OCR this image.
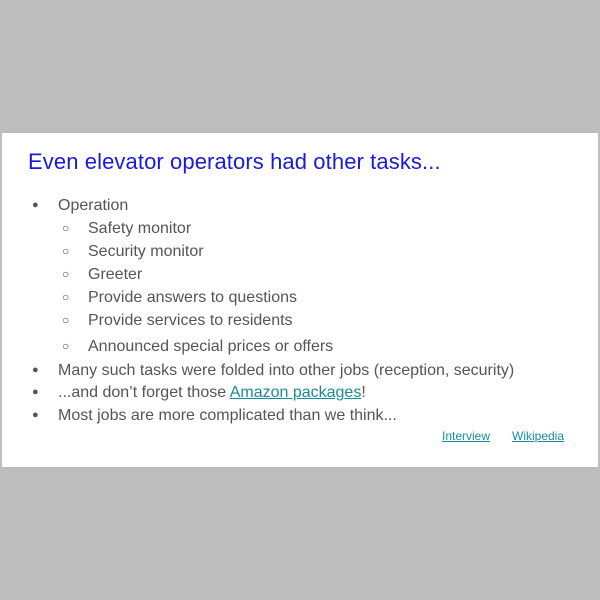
Even elevator operators had other tasks...
● Operation
○ Safety monitor
○ Security monitor
○ Greeter
○ Provide answers to questions
○ Provide services to residents
○ Announced special prices or offers
● Many such tasks were folded into other jobs (reception, security)
● ...and don’t forget those Amazon packages!
● Most jobs are more complicated than we think...
Interview Wikipedia
